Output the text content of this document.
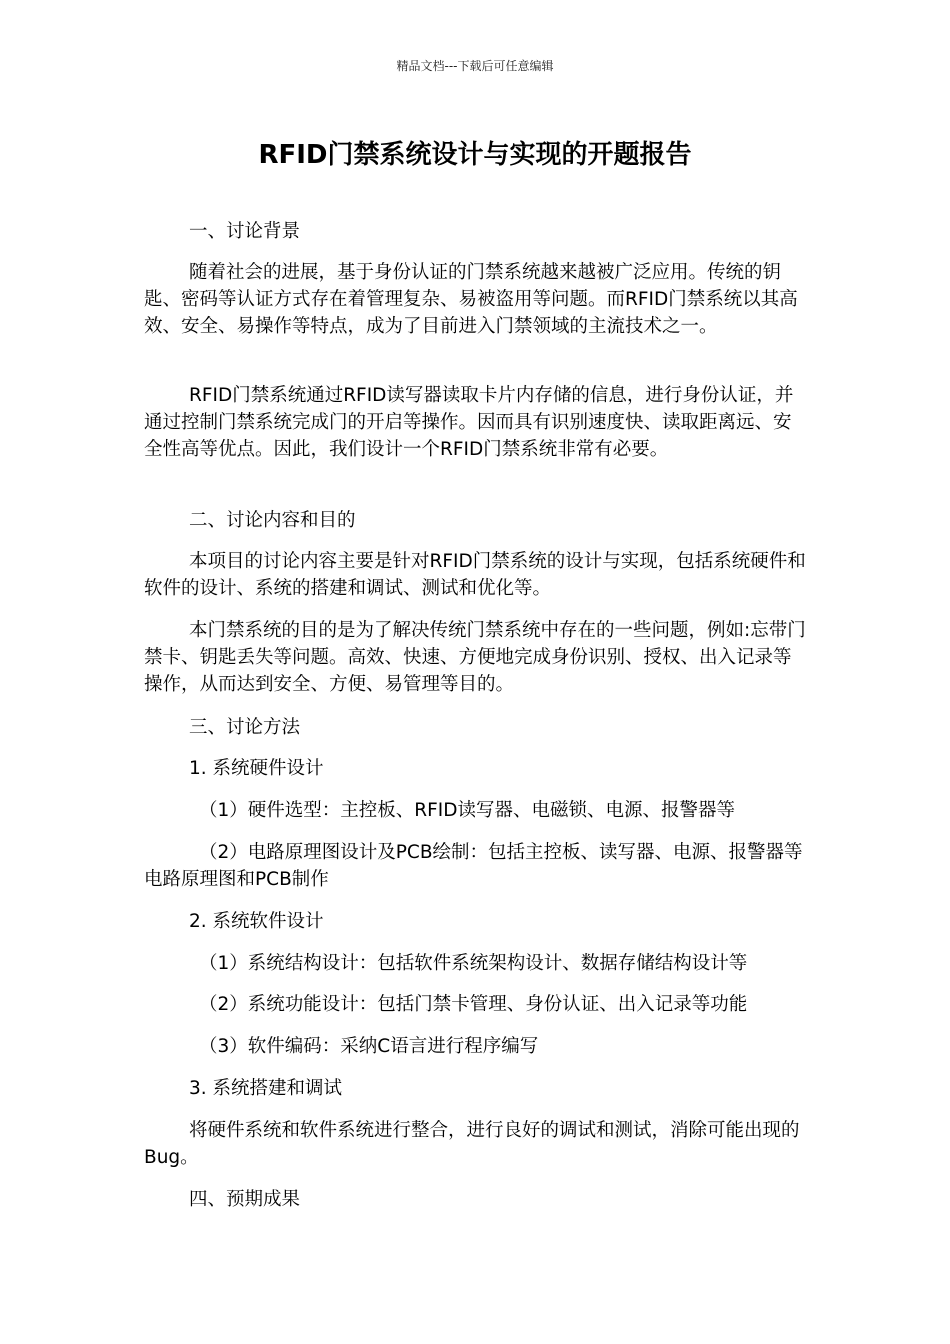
精品文档---下载后可任意编辑
RFID门禁系统设计与实现的开题报告

一、讨论背景

随着社会的进展，基于身份认证的门禁系统越来越被广泛应用。传统的钥匙、密码等认证方式存在着管理复杂、易被盗用等问题。而RFID门禁系统以其高效、安全、易操作等特点，成为了目前进入门禁领域的主流技术之一。

RFID门禁系统通过RFID读写器读取卡片内存储的信息，进行身份认证，并通过控制门禁系统完成门的开启等操作。因而具有识别速度快、读取距离远、安全性高等优点。因此，我们设计一个RFID门禁系统非常有必要。

二、讨论内容和目的

本项目的讨论内容主要是针对RFID门禁系统的设计与实现，包括系统硬件和软件的设计、系统的搭建和调试、测试和优化等。

本门禁系统的目的是为了解决传统门禁系统中存在的一些问题，例如:忘带门禁卡、钥匙丢失等问题。高效、快速、方便地完成身份识别、授权、出入记录等操作，从而达到安全、方便、易管理等目的。

三、讨论方法

1. 系统硬件设计

（1）硬件选型：主控板、RFID读写器、电磁锁、电源、报警器等

（2）电路原理图设计及PCB绘制：包括主控板、读写器、电源、报警器等电路原理图和PCB制作

2. 系统软件设计

（1）系统结构设计：包括软件系统架构设计、数据存储结构设计等

（2）系统功能设计：包括门禁卡管理、身份认证、出入记录等功能

（3）软件编码：采纳C语言进行程序编写

3. 系统搭建和调试

将硬件系统和软件系统进行整合，进行良好的调试和测试，消除可能出现的Bug。

四、预期成果
